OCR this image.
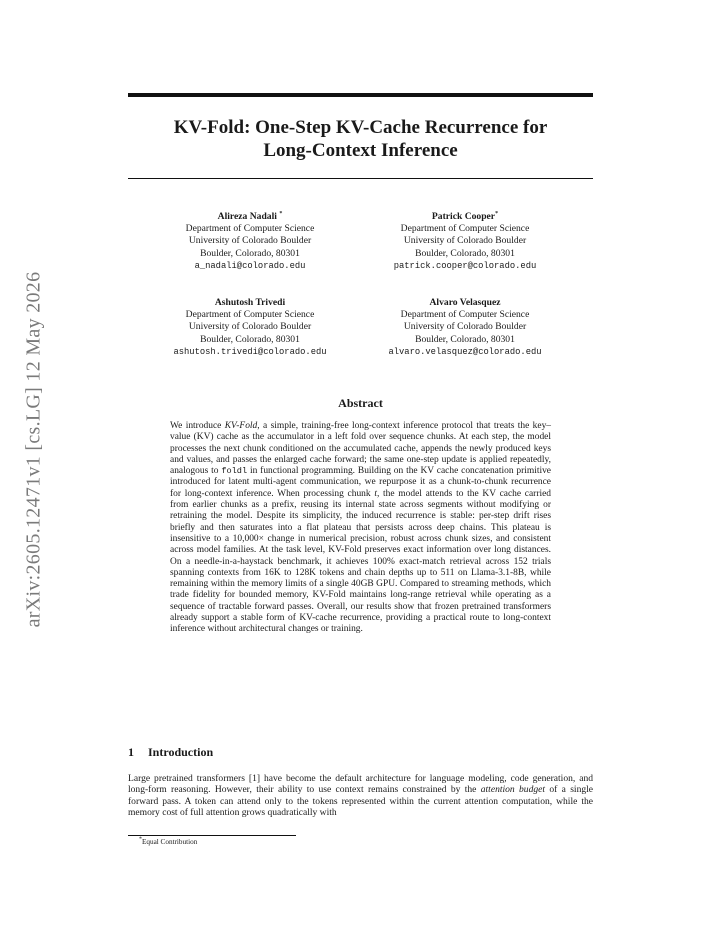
arXiv:2605.12471v1 [cs.LG] 12 May 2026
KV-Fold: One-Step KV-Cache Recurrence for
Long-Context Inference
Alireza Nadali *
Department of Computer Science
University of Colorado Boulder
Boulder, Colorado, 80301
a_nadali@colorado.edu
Patrick Cooper*
Department of Computer Science
University of Colorado Boulder
Boulder, Colorado, 80301
patrick.cooper@colorado.edu
Ashutosh Trivedi
Department of Computer Science
University of Colorado Boulder
Boulder, Colorado, 80301
ashutosh.trivedi@colorado.edu
Alvaro Velasquez
Department of Computer Science
University of Colorado Boulder
Boulder, Colorado, 80301
alvaro.velasquez@colorado.edu
Abstract

We introduce KV-Fold, a simple, training-free long-context inference protocol that treats the key–value (KV) cache as the accumulator in a left fold over sequence chunks. At each step, the model processes the next chunk conditioned on the accumulated cache, appends the newly produced keys and values, and passes the enlarged cache forward; the same one-step update is applied repeatedly, analogous to foldl in functional programming. Building on the KV cache concatenation primitive introduced for latent multi-agent communication, we repurpose it as a chunk-to-chunk recurrence for long-context inference. When processing chunk t, the model attends to the KV cache carried from earlier chunks as a prefix, reusing its internal state across segments without modifying or retraining the model. Despite its simplicity, the induced recurrence is stable: per-step drift rises briefly and then saturates into a flat plateau that persists across deep chains. This plateau is insensitive to a 10,000× change in numerical precision, robust across chunk sizes, and consistent across model families. At the task level, KV-Fold preserves exact information over long distances. On a needle-in-a-haystack benchmark, it achieves 100% exact-match retrieval across 152 trials spanning contexts from 16K to 128K tokens and chain depths up to 511 on Llama-3.1-8B, while remaining within the memory limits of a single 40GB GPU. Compared to streaming methods, which trade fidelity for bounded memory, KV-Fold maintains long-range retrieval while operating as a sequence of tractable forward passes. Overall, our results show that frozen pretrained transformers already support a stable form of KV-cache recurrence, providing a practical route to long-context inference without architectural changes or training.

1 Introduction

Large pretrained transformers [1] have become the default architecture for language modeling, code generation, and long-form reasoning. However, their ability to use context remains constrained by the attention budget of a single forward pass. A token can attend only to the tokens represented within the current attention computation, while the memory cost of full attention grows quadratically with

*Equal Contribution
